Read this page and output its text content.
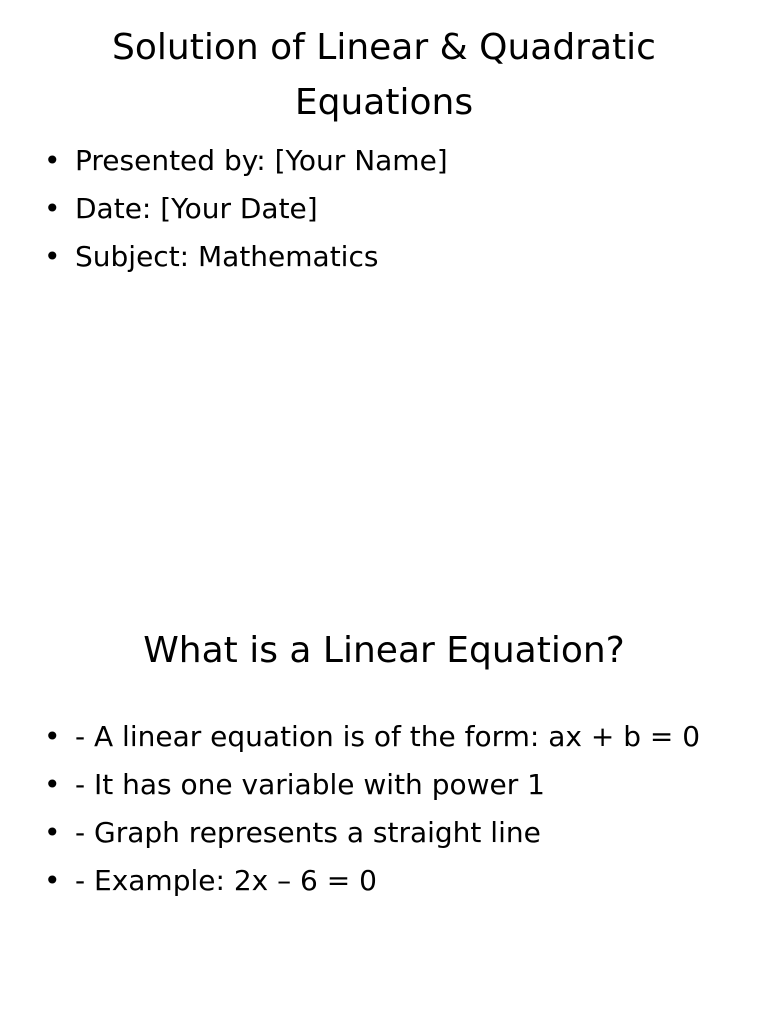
Solution of Linear & Quadratic Equations
• Presented by: [Your Name]
• Date: [Your Date]
• Subject: Mathematics
What is a Linear Equation?
• - A linear equation is of the form: ax + b = 0
• - It has one variable with power 1
• - Graph represents a straight line
• - Example: 2x – 6 = 0
